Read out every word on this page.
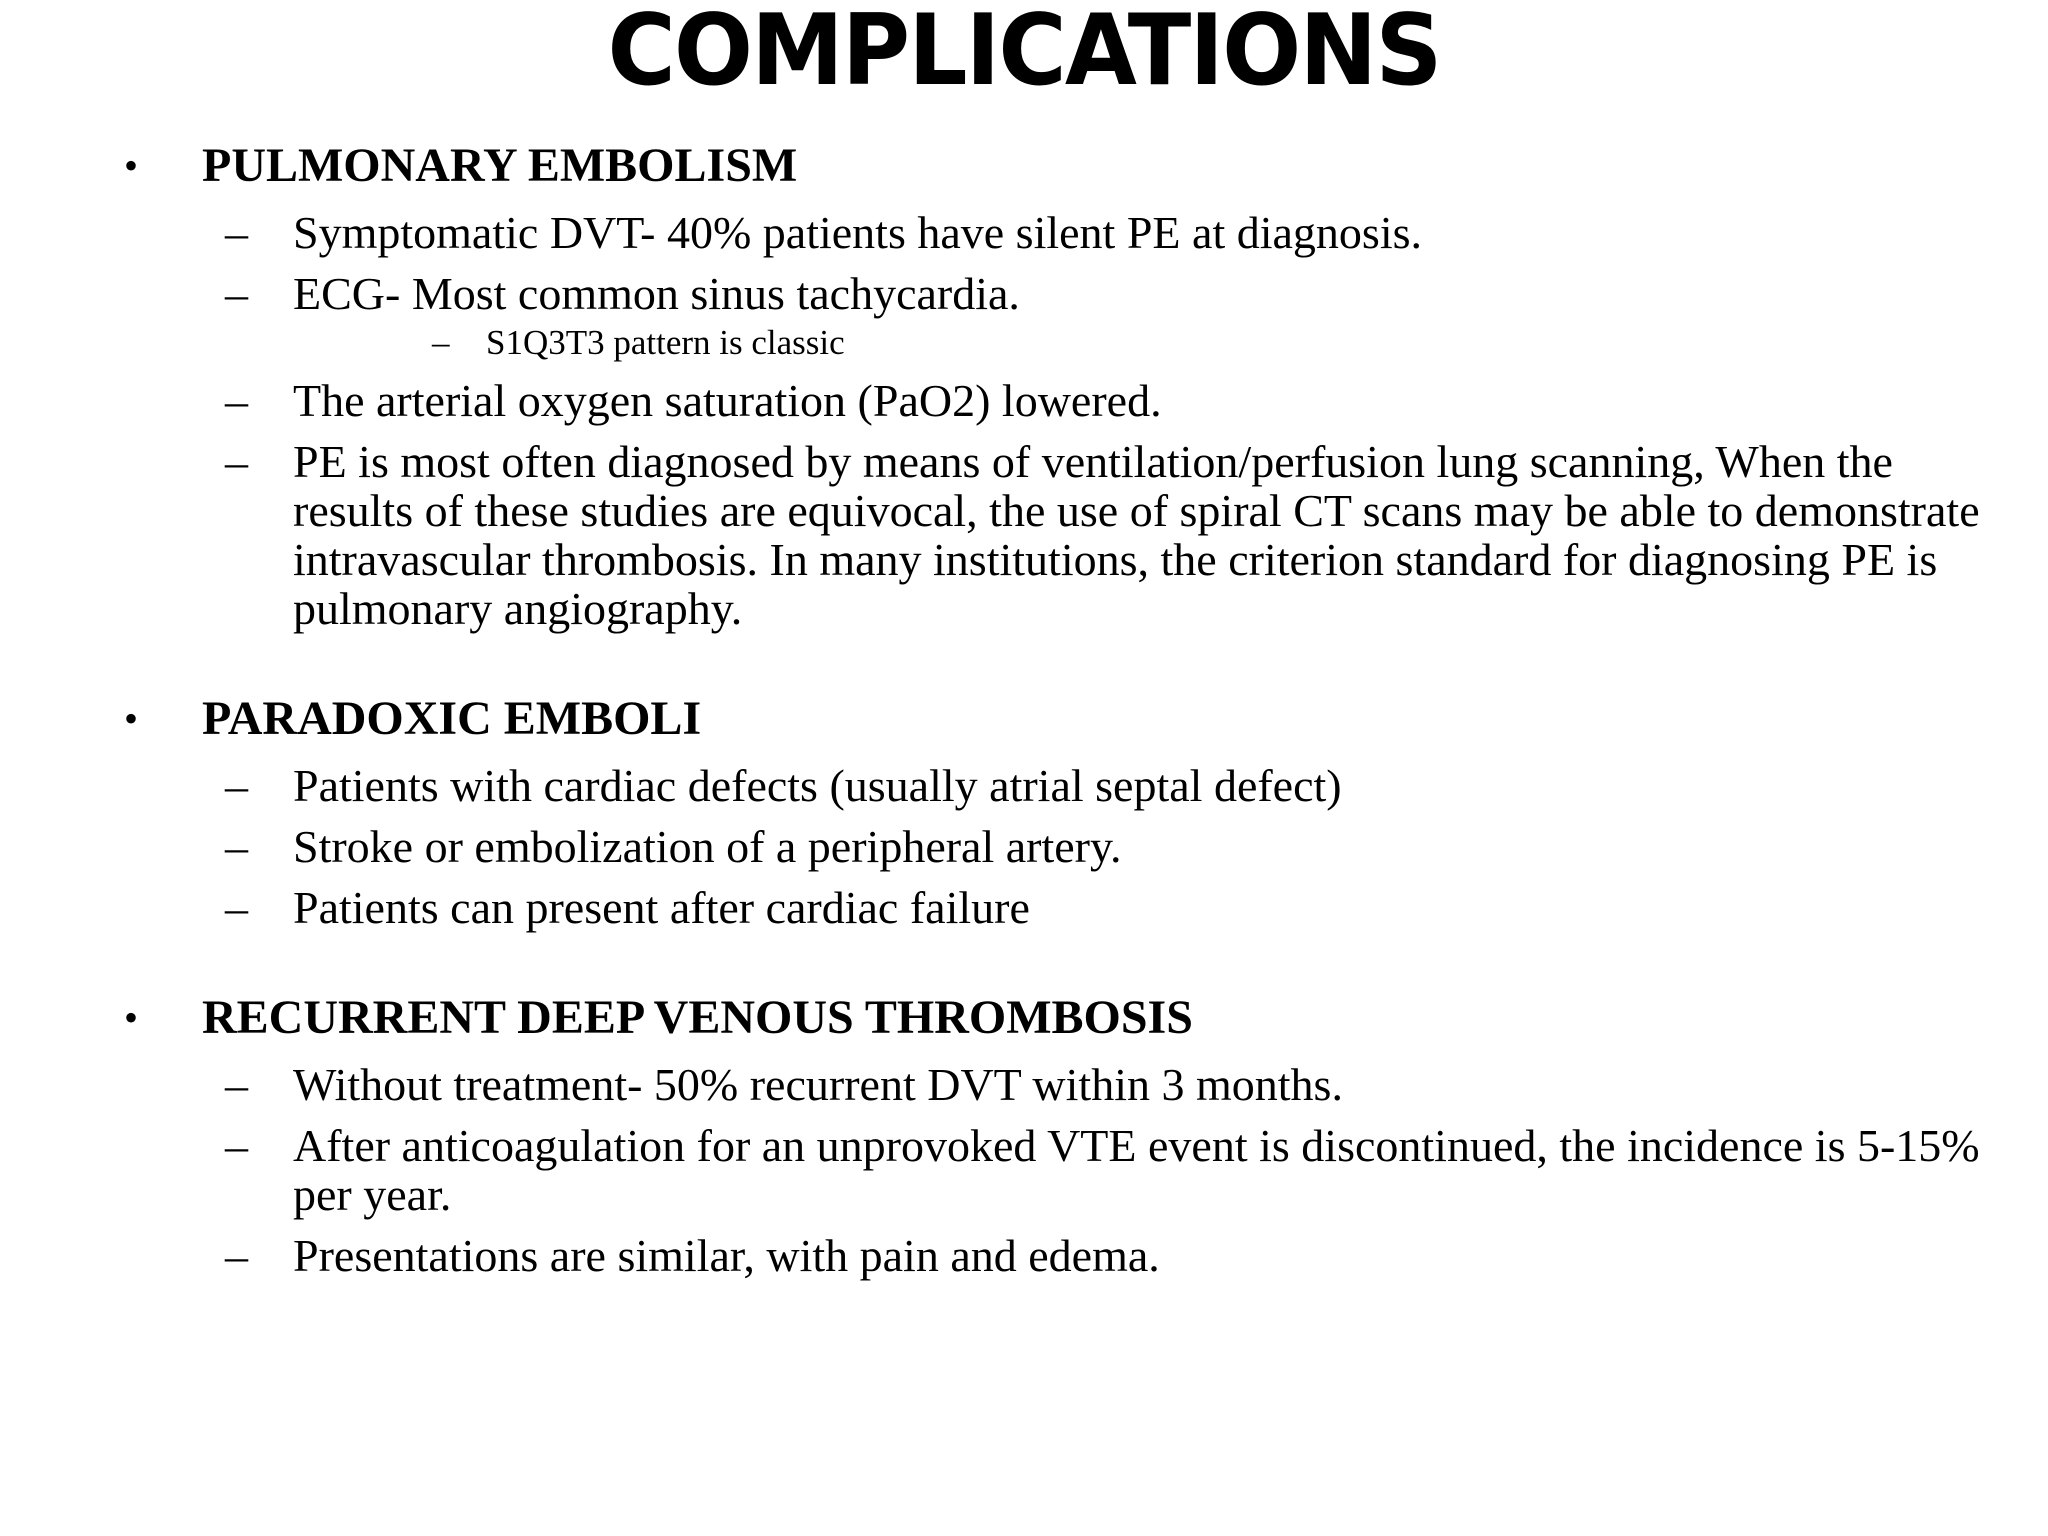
COMPLICATIONS
• PULMONARY EMBOLISM
– Symptomatic DVT- 40% patients have silent PE at diagnosis.
– ECG- Most common sinus tachycardia.
– S1Q3T3 pattern is classic
– The arterial oxygen saturation (PaO2) lowered.
– PE is most often diagnosed by means of ventilation/perfusion lung scanning, When the results of these studies are equivocal, the use of spiral CT scans may be able to demonstrate intravascular thrombosis. In many institutions, the criterion standard for diagnosing PE is pulmonary angiography.
• PARADOXIC EMBOLI
– Patients with cardiac defects (usually atrial septal defect)
– Stroke or embolization of a peripheral artery.
– Patients can present after cardiac failure
• RECURRENT DEEP VENOUS THROMBOSIS
– Without treatment- 50% recurrent DVT within 3 months.
– After anticoagulation for an unprovoked VTE event is discontinued, the incidence is 5-15% per year.
– Presentations are similar, with pain and edema.
